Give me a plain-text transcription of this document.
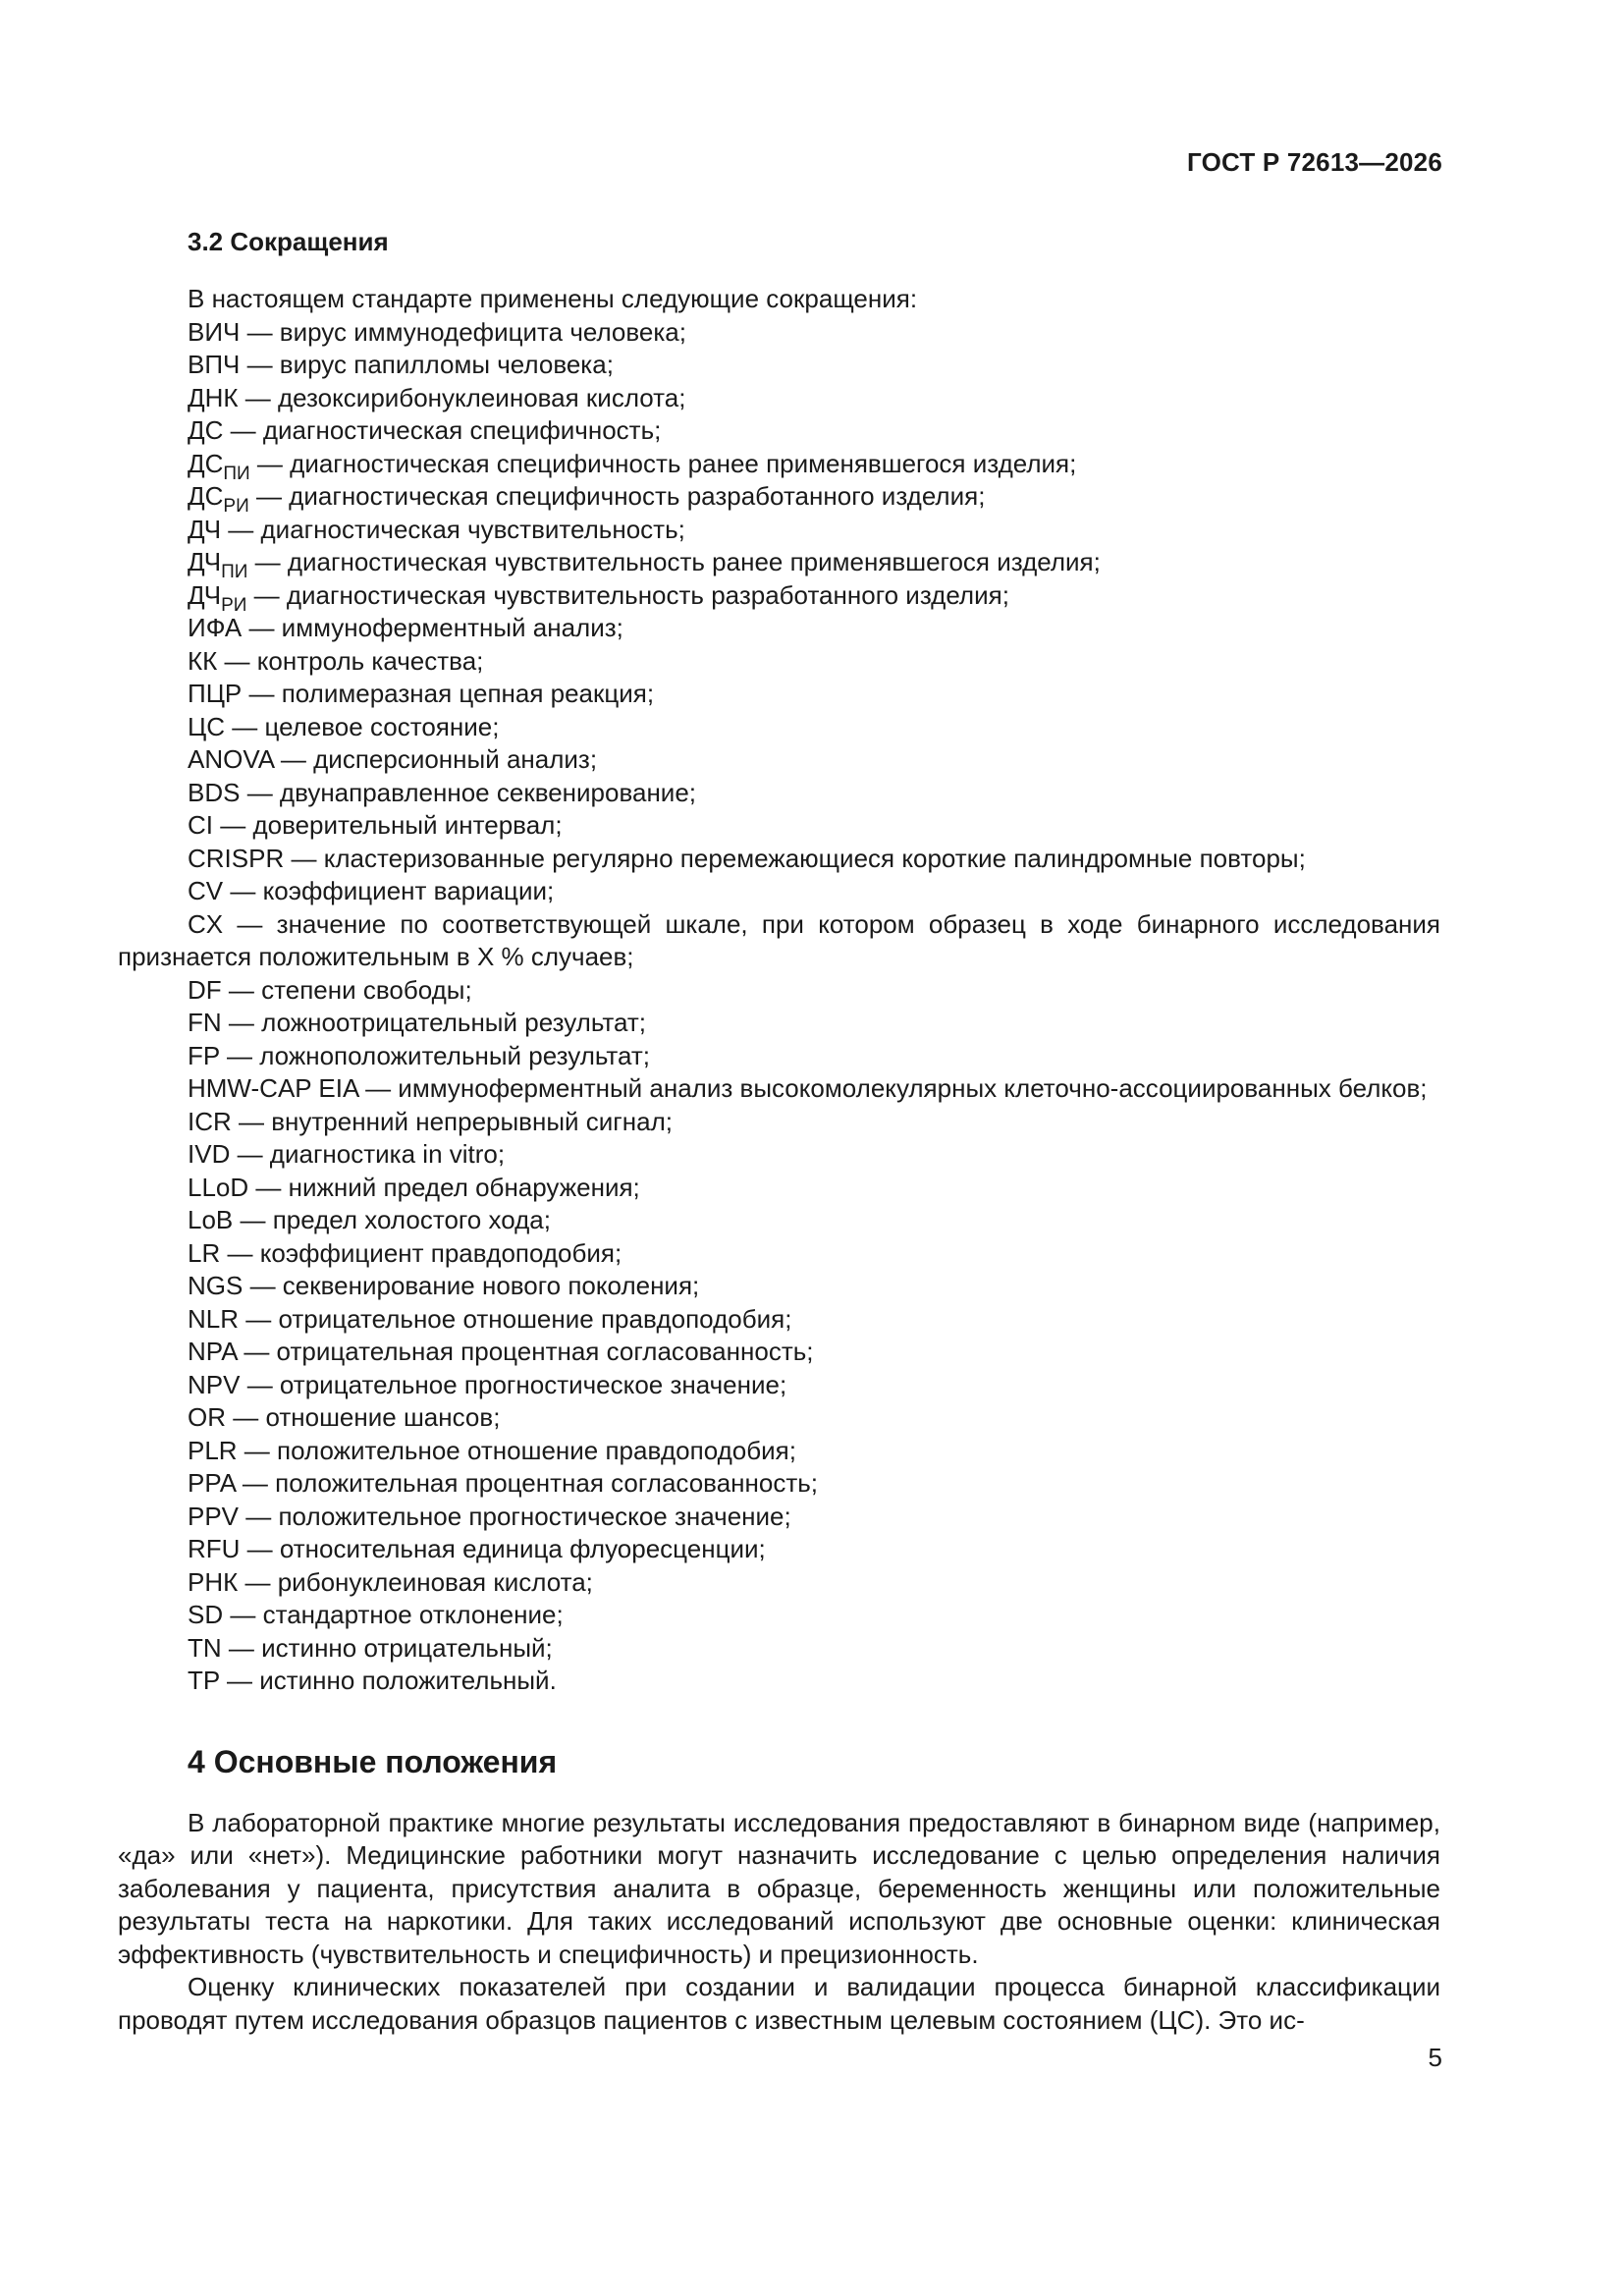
ГОСТ Р 72613—2026
3.2 Сокращения
В настоящем стандарте применены следующие сокращения:
ВИЧ — вирус иммунодефицита человека;
ВПЧ — вирус папилломы человека;
ДНК — дезоксирибонуклеиновая кислота;
ДС — диагностическая специфичность;
$ДС_{ПИ}$ — диагностическая специфичность ранее применявшегося изделия;
$ДС_{РИ}$ — диагностическая специфичность разработанного изделия;
ДЧ — диагностическая чувствительность;
$ДЧ_{ПИ}$ — диагностическая чувствительность ранее применявшегося изделия;
$ДЧ_{РИ}$ — диагностическая чувствительность разработанного изделия;
ИФА — иммуноферментный анализ;
КК — контроль качества;
ПЦР — полимеразная цепная реакция;
ЦС — целевое состояние;
ANOVA — дисперсионный анализ;
BDS — двунаправленное секвенирование;
CI — доверительный интервал;
CRISPR — кластеризованные регулярно перемежающиеся короткие палиндромные повторы;
CV — коэффициент вариации;
CX — значение по соответствующей шкале, при котором образец в ходе бинарного исследования признается положительным в X % случаев;
DF — степени свободы;
FN — ложноотрицательный результат;
FP — ложноположительный результат;
HMW-CAP EIA — иммуноферментный анализ высокомолекулярных клеточно-ассоциированных белков;
ICR — внутренний непрерывный сигнал;
IVD — диагностика in vitro;
LLoD — нижний предел обнаружения;
LoB — предел холостого хода;
LR — коэффициент правдоподобия;
NGS — секвенирование нового поколения;
NLR — отрицательное отношение правдоподобия;
NPA — отрицательная процентная согласованность;
NPV — отрицательное прогностическое значение;
OR — отношение шансов;
PLR — положительное отношение правдоподобия;
PPA — положительная процентная согласованность;
PPV — положительное прогностическое значение;
RFU — относительная единица флуоресценции;
РНК — рибонуклеиновая кислота;
SD — стандартное отклонение;
TN — истинно отрицательный;
TP — истинно положительный.
4 Основные положения

В лабораторной практике многие результаты исследования предоставляют в бинарном виде (например, «да» или «нет»). Медицинские работники могут назначить исследование с целью определения наличия заболевания у пациента, присутствия аналита в образце, беременность женщины или положительные результаты теста на наркотики. Для таких исследований используют две основные оценки: клиническая эффективность (чувствительность и специфичность) и прецизионность.

Оценку клинических показателей при создании и валидации процесса бинарной классификации проводят путем исследования образцов пациентов с известным целевым состоянием (ЦС). Это ис-

5
